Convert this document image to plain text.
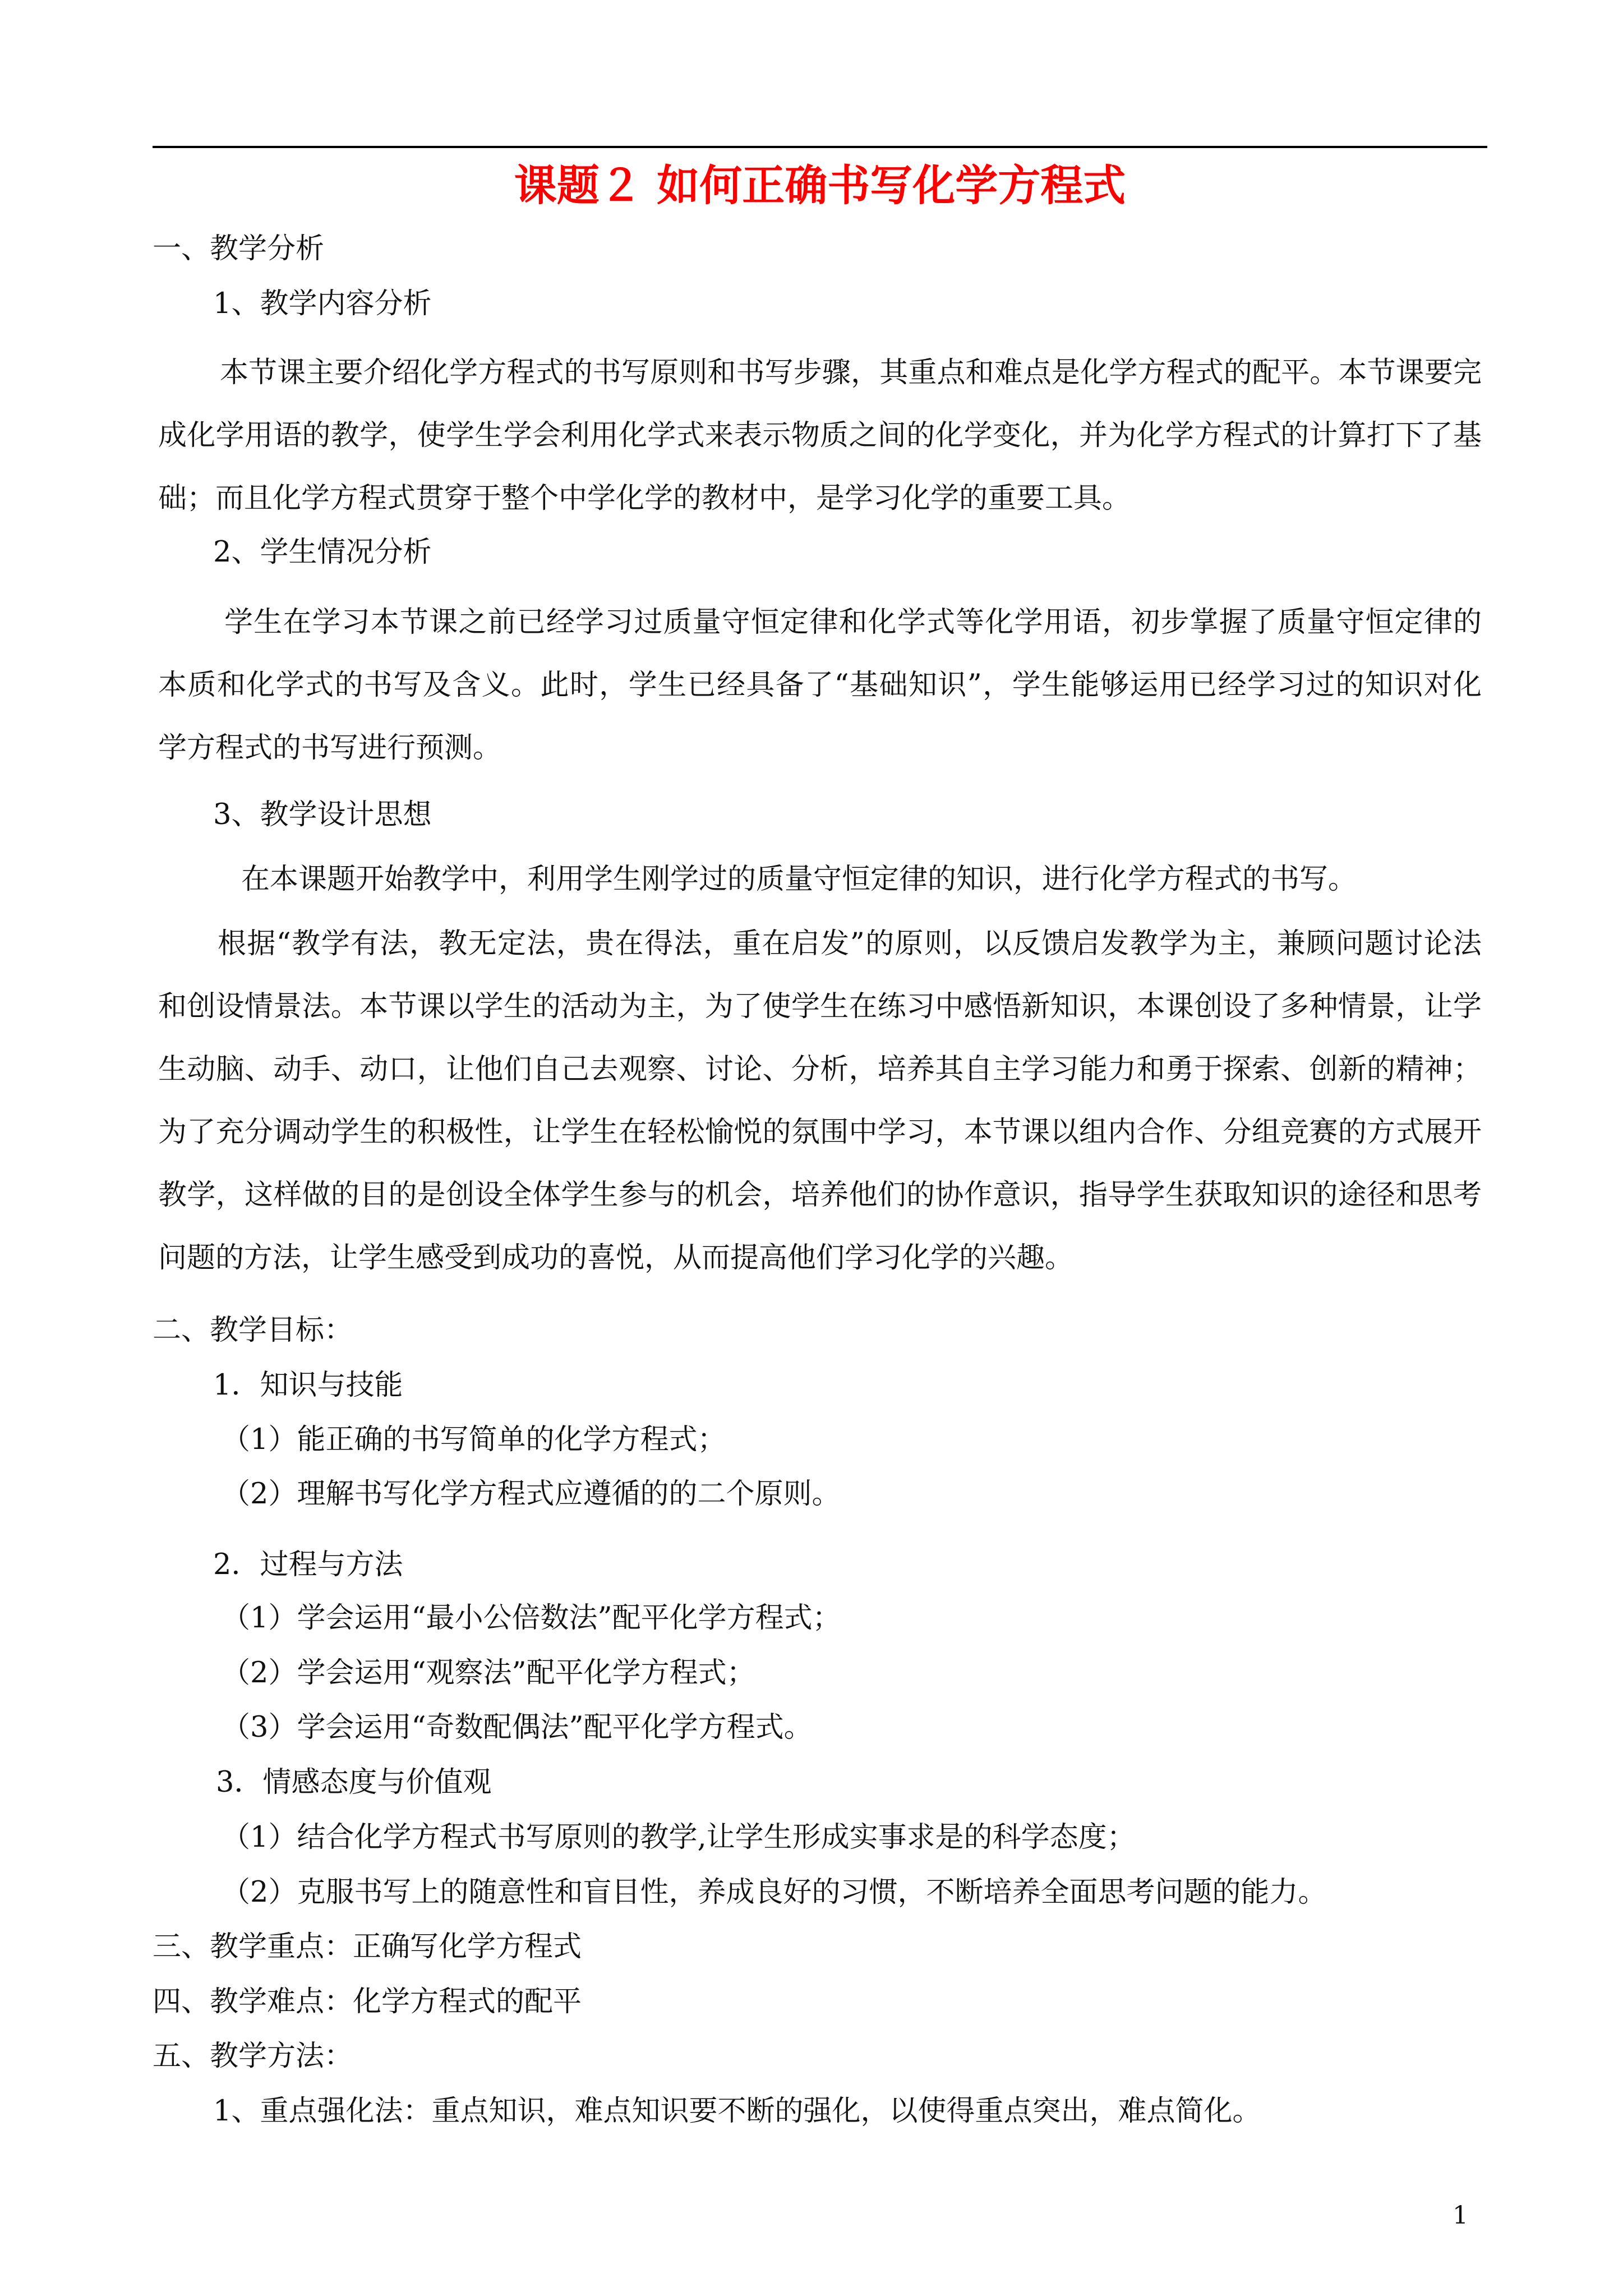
课题２ 如何正确书写化学方程式
一、教学分析
1、教学内容分析
本节课主要介绍化学方程式的书写原则和书写步骤，其重点和难点是化学方程式的配平。本节课要完
成化学用语的教学，使学生学会利用化学式来表示物质之间的化学变化，并为化学方程式的计算打下了基
础；而且化学方程式贯穿于整个中学化学的教材中，是学习化学的重要工具。
2、学生情况分析
学生在学习本节课之前已经学习过质量守恒定律和化学式等化学用语，初步掌握了质量守恒定律的
本质和化学式的书写及含义。此时，学生已经具备了“基础知识”，学生能够运用已经学习过的知识对化
学方程式的书写进行预测。
3、教学设计思想
在本课题开始教学中，利用学生刚学过的质量守恒定律的知识，进行化学方程式的书写。
根据“教学有法，教无定法，贵在得法，重在启发”的原则，以反馈启发教学为主，兼顾问题讨论法
和创设情景法。本节课以学生的活动为主，为了使学生在练习中感悟新知识，本课创设了多种情景，让学
生动脑、动手、动口，让他们自己去观察、讨论、分析，培养其自主学习能力和勇于探索、创新的精神；
为了充分调动学生的积极性，让学生在轻松愉悦的氛围中学习，本节课以组内合作、分组竞赛的方式展开
教学，这样做的目的是创设全体学生参与的机会，培养他们的协作意识，指导学生获取知识的途径和思考
问题的方法，让学生感受到成功的喜悦，从而提高他们学习化学的兴趣。
二、教学目标：
1．知识与技能
（1）能正确的书写简单的化学方程式；
（2）理解书写化学方程式应遵循的的二个原则。
2．过程与方法
（1）学会运用“最小公倍数法”配平化学方程式；
（2）学会运用“观察法”配平化学方程式；
（3）学会运用“奇数配偶法”配平化学方程式。
3．情感态度与价值观
（1）结合化学方程式书写原则的教学,让学生形成实事求是的科学态度；
（2）克服书写上的随意性和盲目性，养成良好的习惯，不断培养全面思考问题的能力。
三、教学重点：正确写化学方程式
四、教学难点：化学方程式的配平
五、教学方法：
1、重点强化法：重点知识，难点知识要不断的强化，以使得重点突出，难点简化。
1
